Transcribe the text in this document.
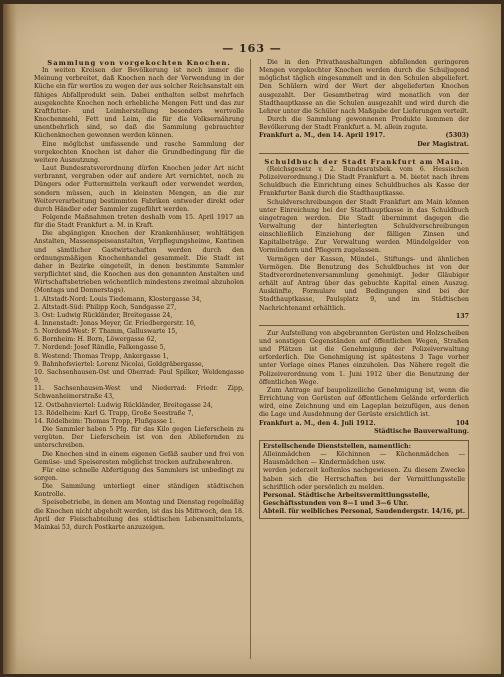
— 163 —

Sammlung von vorgekochten Knochen.

In weiten Kreisen der Bevölkerung ist noch immer die Meinung verbreitet, daß Knochen nach der Verwendung in der Küche ein für wertlos zu wegen der aus solcher Reichsanstalt ein fähiges Abfallprodukt sein. Dabei enthalten selbst mehrfach ausgekochte Knochen noch erhebliche Mengen Fett und das zur Kraftfutter- und Leimherstellung besonders wertvolle Knochenmehl, Fett und Leim, die für die Volksernährung unentbehrlich sind, so daß die Sammlung gebrauchter Küchenknochen gewonnen werden können.

Eine möglichst umfassende und rasche Sammlung der vorgekochten Knochen ist daher die Grundbedingung für die weitere Ausnutzung.

Laut Bundesratsverordnung dürfen Knochen jeder Art nicht verbrannt, vergraben oder auf andere Art vernichtet, noch zu Düngers oder Futtermitteln verkauft oder verwendet werden, sondern müssen, auch in kleinsten Mengen, an die zur Weiterverarbeitung bestimmten Fabriken entweder direkt oder durch Händler oder Sammler zugeführt werden.

Folgende Maßnahmen treten deshalb vom 15. April 1917 an für die Stadt Frankfurt a. M. in Kraft.

Die abgängigen Knochen der Krankenhäuser, wohltätigen Anstalten, Massenspeiseanstalten, Verpflegungsheime, Kantinen und sämtlicher Gastwirtschaften werden durch den ordnungsmäßigen Knochenhandel gesammelt. Die Stadt ist daher in Bezirke eingeteilt, in denen bestimmte Sammler verpflichtet sind, die Knochen aus den genannten Anstalten und Wirtschaftsbetrieben wöchentlich mindestens zweimal abzuholen (Montags und Donnerstags).

1. Altstadt-Nord: Louis Tiedemann, Klostergasse 34,

2. Altstadt-Süd: Philipp Koch, Sandgasse 27,

3. Ost: Ludwig Rückländer, Breitegasse 24,

4. Innenstadt: Jonas Meyer, Gr. Friedbergerstr. 16,

5. Nordend-West: F. Thamm, Galluswarte 15,

6. Bornheim: H. Born, Löwergasse 62,

7. Nordend: Josef Rändle, Falkengasse 5,

8. Westend: Thomas Tropp, Ankergasse 1,

9. Bahnhofsviertel: Lorenz Nicolai, Goldgräbergasse,

10. Sachsenhausen-Ost und Oberrad: Paul Spilker, Weldengasse 9,

11. Sachsenhausen-West und Niederrad: Friedr. Zipp, Schwanheimerstraße 43,

12. Ostbahnviertel: Ludwig Rückländer, Breitegasse 24,

13. Rödelheim: Karl G. Trapp, Große Seestraße 7,

14. Rödelheim: Thomas Tropp, Flußgasse 1.

Die Sammler haben 5 Pfg. für das Kilo gegen Lieferschein zu vergüten. Der Lieferschein ist von den Abliefernden zu unterschreiben.

Die Knochen sind in einem eigenen Gefäß sauber und frei von Gemüse- und Speiseresten möglichst trocken aufzubewahren.

Für eine schnelle Abfertigung des Sammlers ist unbedingt zu sorgen.

Die Sammlung unterliegt einer ständigen städtischen Kontrolle.

Speisebetriebe, in denen am Montag und Dienstag regelmäßig die Knochen nicht abgeholt werden, ist das bis Mittwoch, den 18. April der Fleischabteilung des städtischen Lebensmittelamts, Mainkai 53, durch Postkarte anzuzeigen.

Die in den Privathaushaltungen abfallenden geringeren Mengen vorgekochter Knochen werden durch die Schuljugend möglichst täglich eingesammelt und in den Schulen abgeliefert. Den Schülern wird der Wert der abgelieferten Knochen ausgezahlt. Der Gesamtbetrag wird monatlich von der Stadthauptkasse an die Schulen ausgezahlt und wird durch die Lehrer unter die Schüler nach Maßgabe der Lieferungen verteilt.

Durch die Sammlung gewonnenen Produkte kommen der Bevölkerung der Stadt Frankfurt a. M. allein zugute.

Frankfurt a. M., den 14. April 1917.	(5303)
Der Magistrat.

Schuldbuch der Stadt Frankfurt am Main.

(Reichsgesetz v. 2. Bundesratsbek. vom 6. Hessischen Polizeiverordnung.) Die Stadt Frankfurt a. M. bietet nach ihrem Schuldbuch die Einrichtung eines Schuldbuches als Kasse der Frankfurter Bank durch die Stadthauptkasse.

Schuldverschreibungen der Stadt Frankfurt am Main können unter Einreichung bei der Stadthauptkasse in das Schuldbuch eingetragen werden. Die Stadt übernimmt dagegen die Verwaltung der hinterlegten Schuldverschreibungen einschließlich Einziehung der fälligen Zinsen und Kapitalbeträge. Zur Verwaltung werden Mündelgelder von Vormündern und Pflegern zugelassen.

Vermögen der Kassen, Mündel-, Stiftungs- und ähnlichen Vermögen. Die Benutzung des Schuldbuches ist von der Stadtverordnetenversammlung genehmigt. Jeder Gläubiger erhält auf Antrag über das gebuchte Kapital einen Auszug. Auskünfte, Formulare und Bedingungen sind bei der Stadthauptkasse, Paulsplatz 9, und im Städtischen Nachrichtenamt erhältlich.

137

Zur Aufstellung von abgebrannten Gerüsten und Holzscheiben und sonstigen Gegenständen auf öffentlichen Wegen, Straßen und Plätzen ist die Genehmigung der Polizeiverwaltung erforderlich. Die Genehmigung ist spätestens 3 Tage vorher unter Vorlage eines Planes einzuholen. Das Nähere regelt die Polizeiverordnung vom 1. Juni 1912 über die Benutzung der öffentlichen Wege.

Zum Antrage auf baupolizeiliche Genehmigung ist, wenn die Errichtung von Gerüsten auf öffentlichem Gelände erforderlich wird, eine Zeichnung und ein Lageplan beizufügen, aus denen die Lage und Ausdehnung der Gerüste ersichtlich ist.

Frankfurt a. M., den 4. Juli 1912.	104
Städtische Bauverwaltung.

Erstellschende Dienststellen, namentlich:

Alleinmädchen — Köchinnen — Küchenmädchen — Hausmädchen — Kindermädchen usw.

werden jederzeit koſtenlos nachgewiesen. Zu diesem Zwecke haben sich die Herrschaften bei der Vermittlungsstelle schriftlich oder persönlich zu melden.

Personal. Städtische Arbeitsvermittlungsstelle,

Geschäftsstunden von 8—1 und 3—6 Uhr.

Abteil. für weibliches Personal, Saudendergstr. 14/16, pt.
